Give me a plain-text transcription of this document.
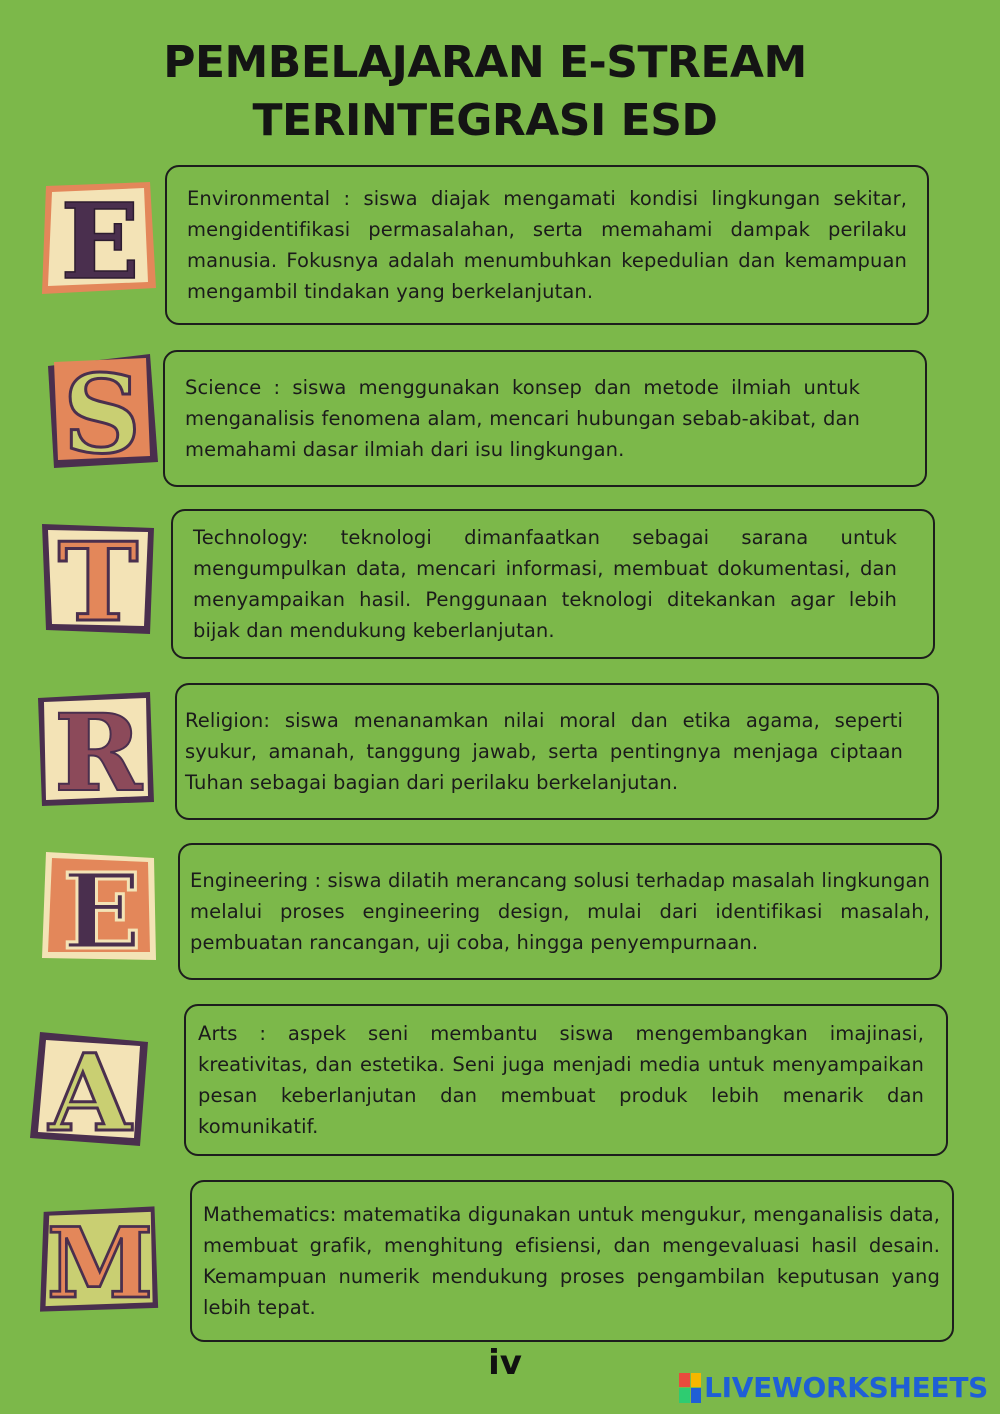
PEMBELAJARAN E-STREAM
TERINTEGRASI ESD
E
S
T
R
E
A
M

Environmental : siswa diajak mengamati kondisi lingkungan sekitar, mengidentifikasi permasalahan, serta memahami dampak perilaku manusia. Fokusnya adalah menumbuhkan kepedulian dan kemampuan mengambil tindakan yang berkelanjutan.

Science : siswa menggunakan konsep dan metode ilmiah untuk menganalisis fenomena alam, mencari hubungan sebab-akibat, dan memahami dasar ilmiah dari isu lingkungan.

Technology: teknologi dimanfaatkan sebagai sarana untuk mengumpulkan data, mencari informasi, membuat dokumentasi, dan menyampaikan hasil. Penggunaan teknologi ditekankan agar lebih bijak dan mendukung keberlanjutan.

Religion: siswa menanamkan nilai moral dan etika agama, seperti syukur, amanah, tanggung jawab, serta pentingnya menjaga ciptaan Tuhan sebagai bagian dari perilaku berkelanjutan.

Engineering : siswa dilatih merancang solusi terhadap masalah lingkungan melalui proses engineering design, mulai dari identifikasi masalah, pembuatan rancangan, uji coba, hingga penyempurnaan.

Arts : aspek seni membantu siswa mengembangkan imajinasi, kreativitas, dan estetika. Seni juga menjadi media untuk menyampaikan pesan keberlanjutan dan membuat produk lebih menarik dan komunikatif.

Mathematics: matematika digunakan untuk mengukur, menganalisis data, membuat grafik, menghitung efisiensi, dan mengevaluasi hasil desain. Kemampuan numerik mendukung proses pengambilan keputusan yang lebih tepat.

iv
LIVEWORKSHEETS
